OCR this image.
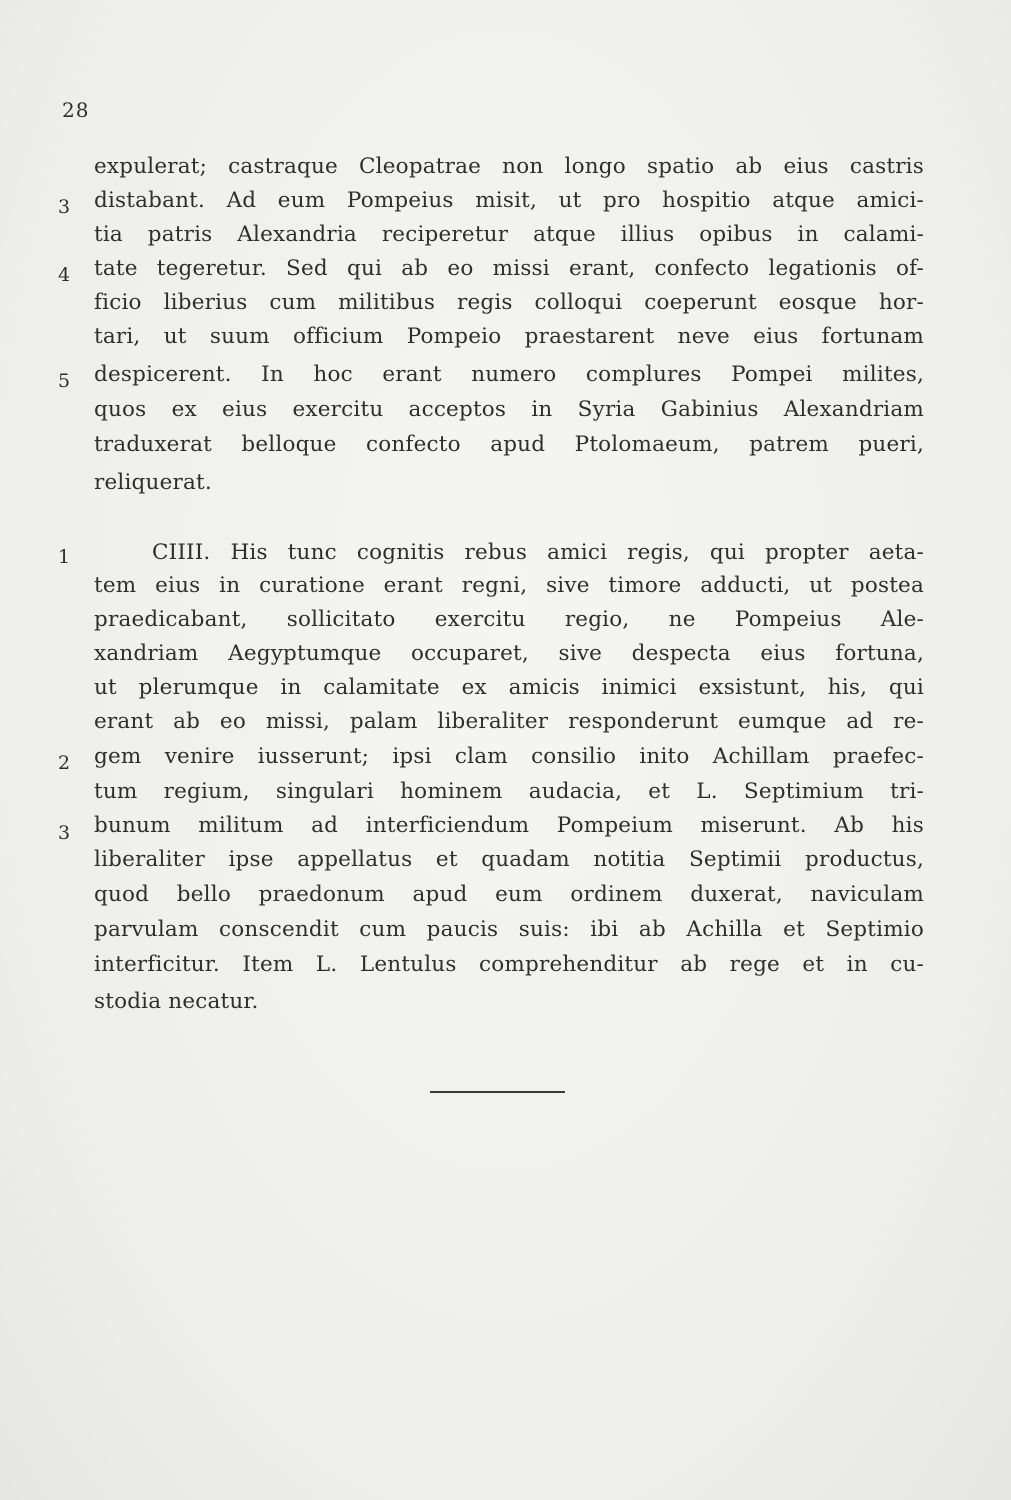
28
expulerat; castraque Cleopatrae non longo spatio ab eius castris
distabant. Ad eum Pompeius misit, ut pro hospitio atque amici-
tia patris Alexandria reciperetur atque illius opibus in calami-
tate tegeretur. Sed qui ab eo missi erant, confecto legationis of-
ficio liberius cum militibus regis colloqui coeperunt eosque hor-
tari, ut suum officium Pompeio praestarent neve eius fortunam
despicerent. In hoc erant numero complures Pompei milites,
quos ex eius exercitu acceptos in Syria Gabinius Alexandriam
traduxerat belloque confecto apud Ptolomaeum, patrem pueri,
reliquerat.
3
4
5
CIIII. His tunc cognitis rebus amici regis, qui propter aeta-
tem eius in curatione erant regni, sive timore adducti, ut postea
praedicabant, sollicitato exercitu regio, ne Pompeius Ale-
xandriam Aegyptumque occuparet, sive despecta eius fortuna,
ut plerumque in calamitate ex amicis inimici exsistunt, his, qui
erant ab eo missi, palam liberaliter responderunt eumque ad re-
gem venire iusserunt; ipsi clam consilio inito Achillam praefec-
tum regium, singulari hominem audacia, et L. Septimium tri-
bunum militum ad interficiendum Pompeium miserunt. Ab his
liberaliter ipse appellatus et quadam notitia Septimii productus,
quod bello praedonum apud eum ordinem duxerat, naviculam
parvulam conscendit cum paucis suis: ibi ab Achilla et Septimio
interficitur. Item L. Lentulus comprehenditur ab rege et in cu-
stodia necatur.
1
2
3
